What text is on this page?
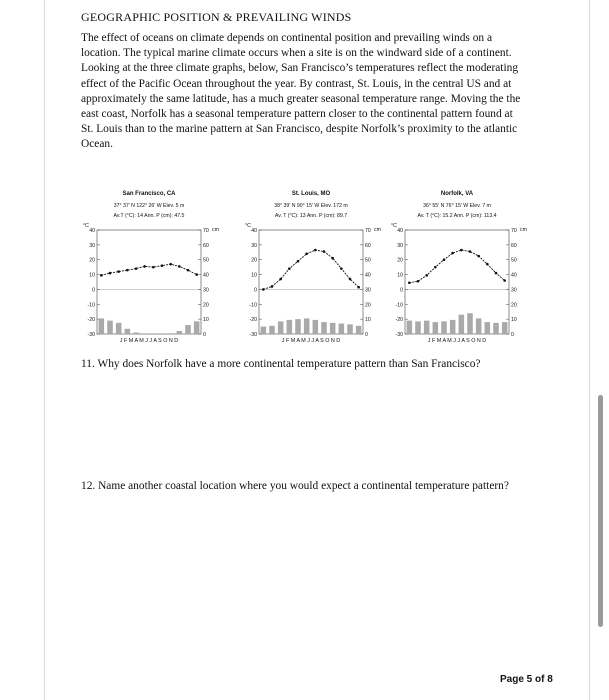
GEOGRAPHIC POSITION & PREVAILING WINDS

The effect of oceans on climate depends on continental position and prevailing winds on a location. The typical marine climate occurs when a site is on the windward side of a continent. Looking at the three climate graphs, below, San Francisco’s temperatures reflect the moderating effect of the Pacific Ocean throughout the year. By contrast, St. Louis, in the central US and at approximately the same latitude, has a much greater seasonal temperature range. Moving the the east coast, Norfolk has a seasonal temperature pattern closer to the continental pattern found at St. Louis than to the marine pattern at San Francisco, despite Norfolk’s proximity to the atlantic Ocean.

San Francisco, CA
37° 37′ N 122° 26′ W Elev. 5 m
Av.T (°C): 14 Ann. P (cm): 47.5
°C
cm
40
30
20
10
0
-10
-20
-30
70
60
50
40
30
20
10
0
J F M A M J J A S O N D
St. Louis, MO
38° 39′ N 90° 15′ W Elev. 172 m
Av. T (°C): 13 Ann. P (cm): 89.7
°C
cm
40
30
20
10
0
-10
-20
-30
70
60
50
40
30
20
10
0
J F M A M J J A S O N D
Norfolk, VA
36° 55′ N 76° 15′ W Elev. 7 m
Av. T (°C): 15.2 Ann. P (cm): 113.4
°C
cm
40
30
20
10
0
-10
-20
-30
70
60
50
40
30
20
10
0
J F M A M J J A S O N D
11. Why does Norfolk have a more continental temperature pattern than San Francisco?
12. Name another coastal location where you would expect a continental temperature pattern?
Page 5 of 8
